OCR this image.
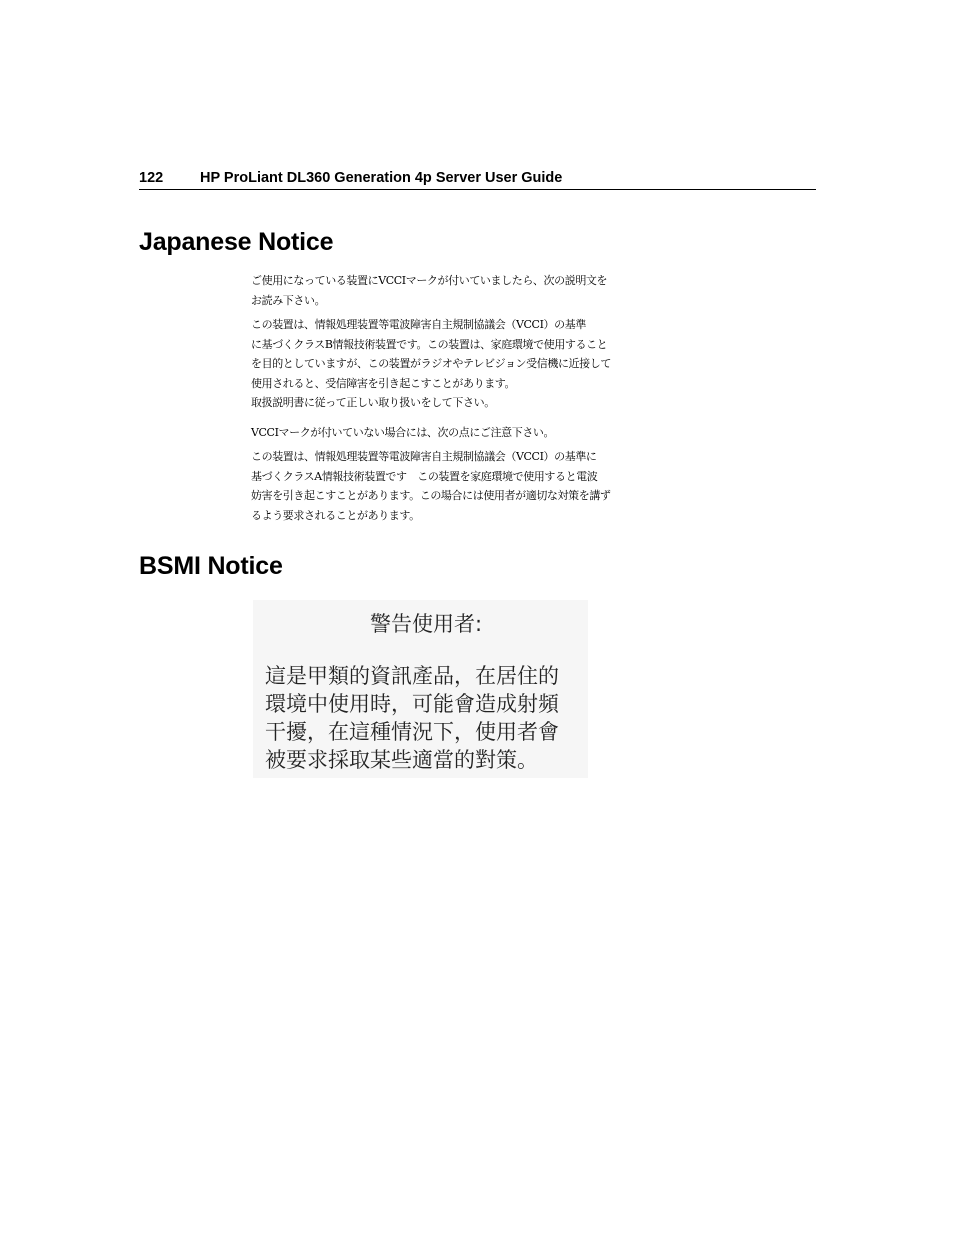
122	HP ProLiant DL360 Generation 4p Server User Guide
Japanese Notice
ご使用になっている装置にVCCIマークが付いていましたら、次の説明文を
お読み下さい。
この装置は、情報処理装置等電波障害自主規制協議会（VCCI）の基準
に基づくクラスB情報技術装置です。この装置は、家庭環境で使用すること
を目的としていますが、この装置がラジオやテレビジョン受信機に近接して
使用されると、受信障害を引き起こすことがあります。
取扱説明書に従って正しい取り扱いをして下さい。
VCCIマークが付いていない場合には、次の点にご注意下さい。
この装置は、情報処理装置等電波障害自主規制協議会（VCCI）の基準に
基づくクラスA情報技術装置です　この装置を家庭環境で使用すると電波
妨害を引き起こすことがあります。この場合には使用者が適切な対策を講ず
るよう要求されることがあります。
BSMI Notice
警告使用者:
這是甲類的資訊產品，在居住的
環境中使用時，可能會造成射頻
干擾，在這種情況下，使用者會
被要求採取某些適當的對策。
